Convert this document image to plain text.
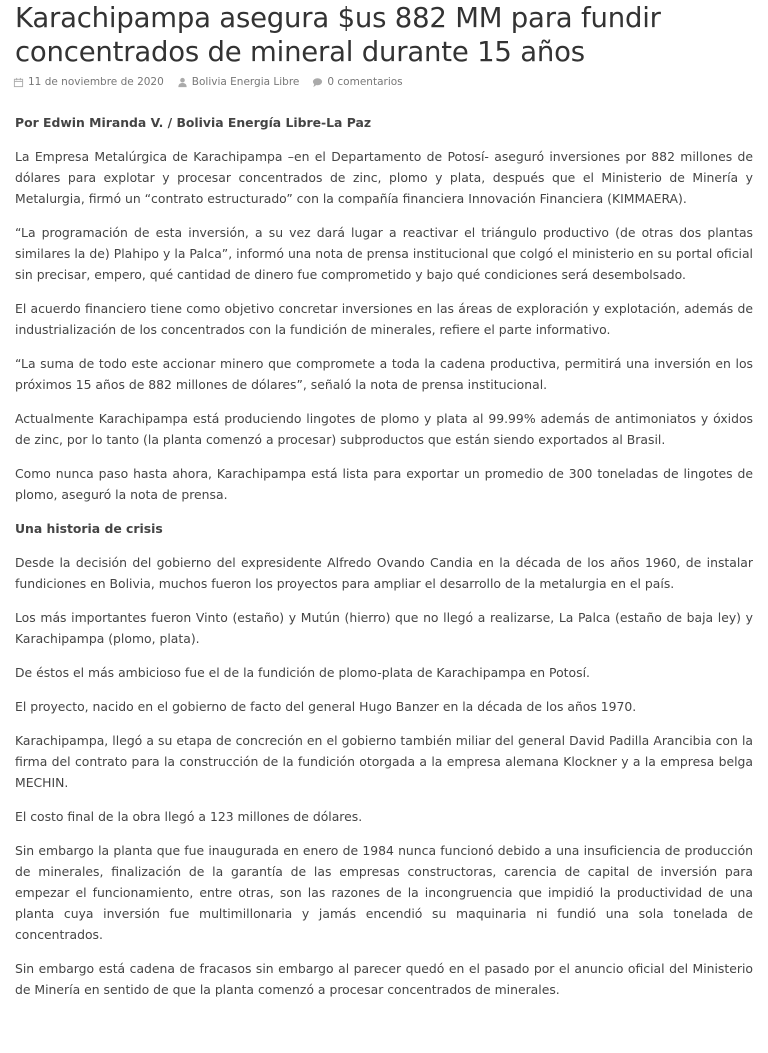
Karachipampa asegura $us 882 MM para fundir concentrados de mineral durante 15 años
11 de noviembre de 2020	Bolivia Energia Libre	0 comentarios

Por Edwin Miranda V. / Bolivia Energía Libre-La Paz

La Empresa Metalúrgica de Karachipampa –en el Departamento de Potosí- aseguró inversiones por 882 millones de dólares para explotar y procesar concentrados de zinc, plomo y plata, después que el Ministerio de Minería y Metalurgia, firmó un “contrato estructurado” con la compañía financiera Innovación Financiera (KIMMAERA).

“La programación de esta inversión, a su vez dará lugar a reactivar el triángulo productivo (de otras dos plantas similares la de) Plahipo y la Palca”, informó una nota de prensa institucional que colgó el ministerio en su portal oficial sin precisar, empero, qué cantidad de dinero fue comprometido y bajo qué condiciones será desembolsado.

El acuerdo financiero tiene como objetivo concretar inversiones en las áreas de exploración y explotación, además de industrialización de los concentrados con la fundición de minerales, refiere el parte informativo.

“La suma de todo este accionar minero que compromete a toda la cadena productiva, permitirá una inversión en los próximos 15 años de 882 millones de dólares”, señaló la nota de prensa institucional.

Actualmente Karachipampa está produciendo lingotes de plomo y plata al 99.99% además de antimoniatos y óxidos de zinc, por lo tanto (la planta comenzó a procesar) subproductos que están siendo exportados al Brasil.

Como nunca paso hasta ahora, Karachipampa está lista para exportar un promedio de 300 toneladas de lingotes de plomo, aseguró la nota de prensa.

Una historia de crisis

Desde la decisión del gobierno del expresidente Alfredo Ovando Candia en la década de los años 1960, de instalar fundiciones en Bolivia, muchos fueron los proyectos para ampliar el desarrollo de la metalurgia en el país.

Los más importantes fueron Vinto (estaño) y Mutún (hierro) que no llegó a realizarse, La Palca (estaño de baja ley) y Karachipampa (plomo, plata).

De éstos el más ambicioso fue el de la fundición de plomo-plata de Karachipampa en Potosí.

El proyecto, nacido en el gobierno de facto del general Hugo Banzer en la década de los años 1970.

Karachipampa, llegó a su etapa de concreción en el gobierno también miliar del general David Padilla Arancibia con la firma del contrato para la construcción de la fundición otorgada a la empresa alemana Klockner y a la empresa belga MECHIN.

El costo final de la obra llegó a 123 millones de dólares.

Sin embargo la planta que fue inaugurada en enero de 1984 nunca funcionó debido a una insuficiencia de producción de minerales, finalización de la garantía de las empresas constructoras, carencia de capital de inversión para empezar el funcionamiento, entre otras, son las razones de la incongruencia que impidió la productividad de una planta cuya inversión fue multimillonaria y jamás encendió su maquinaria ni fundió una sola tonelada de concentrados.

Sin embargo está cadena de fracasos sin embargo al parecer quedó en el pasado por el anuncio oficial del Ministerio de Minería en sentido de que la planta comenzó a procesar concentrados de minerales.
